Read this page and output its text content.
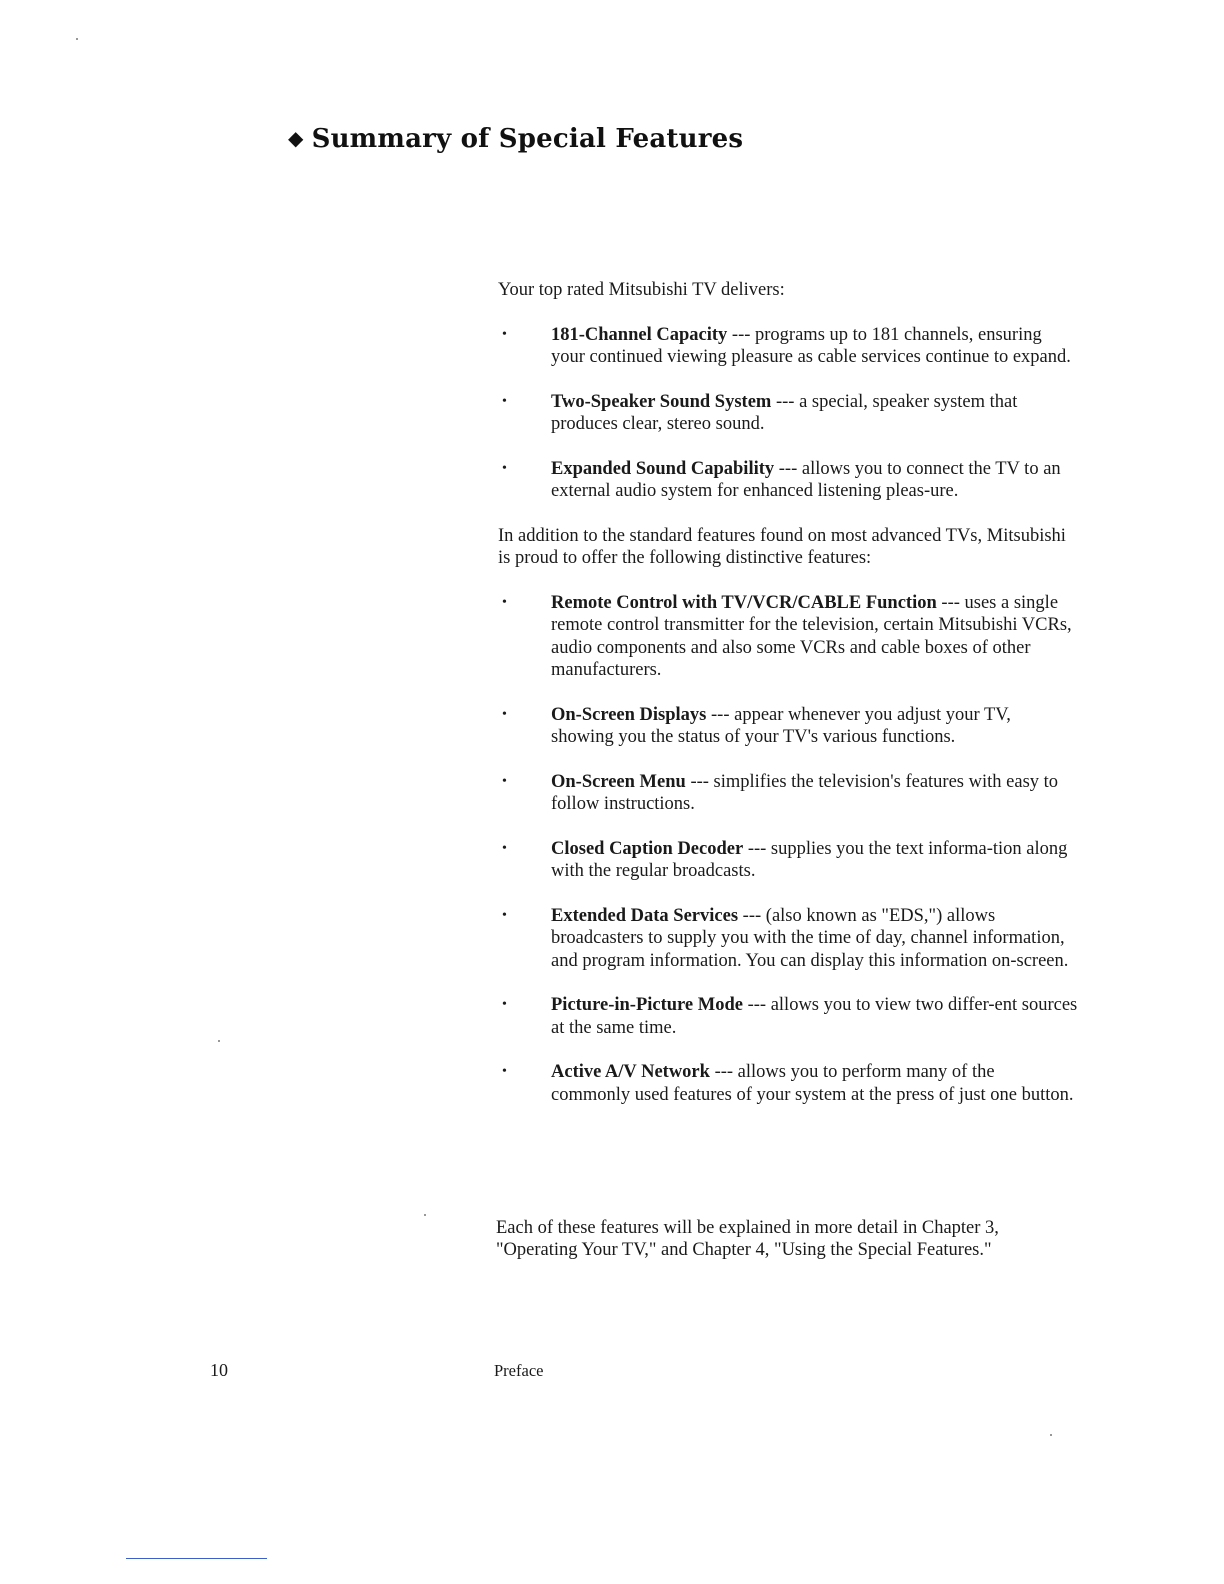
◆ Summary of Special Features

Your top rated Mitsubishi TV delivers:

• 181-Channel Capacity --- programs up to 181 channels, ensuring your continued viewing pleasure as cable services continue to expand.
• Two-Speaker Sound System --- a special, speaker system that produces clear, stereo sound.
• Expanded Sound Capability --- allows you to connect the TV to an external audio system for enhanced listening pleas-ure.

In addition to the standard features found on most advanced TVs, Mitsubishi is proud to offer the following distinctive features:

• Remote Control with TV/VCR/CABLE Function --- uses a single remote control transmitter for the television, certain Mitsubishi VCRs, audio components and also some VCRs and cable boxes of other manufacturers.
• On-Screen Displays --- appear whenever you adjust your TV, showing you the status of your TV's various functions.
• On-Screen Menu --- simplifies the television's features with easy to follow instructions.
• Closed Caption Decoder --- supplies you the text informa-tion along with the regular broadcasts.
• Extended Data Services --- (also known as "EDS,") allows broadcasters to supply you with the time of day, channel information, and program information. You can display this information on-screen.
• Picture-in-Picture Mode --- allows you to view two differ-ent sources at the same time.
• Active A/V Network --- allows you to perform many of the commonly used features of your system at the press of just one button.

Each of these features will be explained in more detail in Chapter 3, "Operating Your TV," and Chapter 4, "Using the Special Features."

10	Preface
